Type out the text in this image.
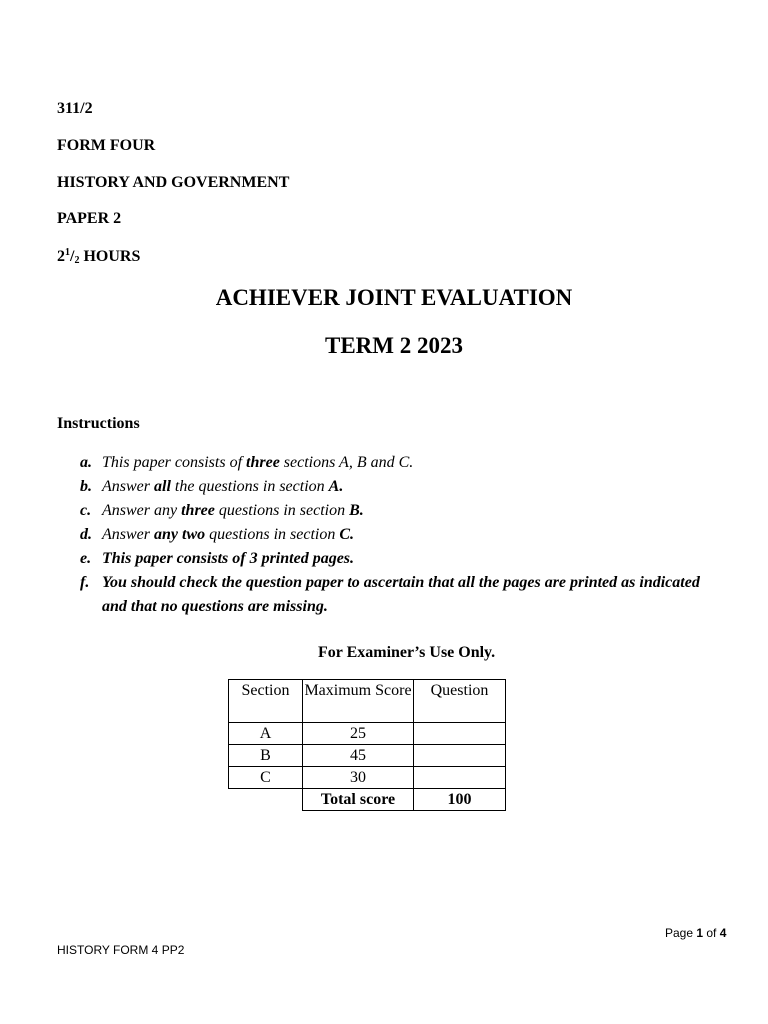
311/2
FORM FOUR
HISTORY AND GOVERNMENT
PAPER 2
$2^1/_2$ HOURS
ACHIEVER JOINT EVALUATION
TERM 2 2023
Instructions
a. This paper consists of three sections A, B and C.
b. Answer all the questions in section A.
c. Answer any three questions in section B.
d. Answer any two questions in section C.
e. This paper consists of 3 printed pages.
f. You should check the question paper to ascertain that all the pages are printed as indicated and that no questions are missing.
For Examiner’s Use Only.
Section	Maximum Score	Question
A	25	
B	45	
C	30	
	Total score	100
Page 1 of 4
HISTORY FORM 4 PP2
